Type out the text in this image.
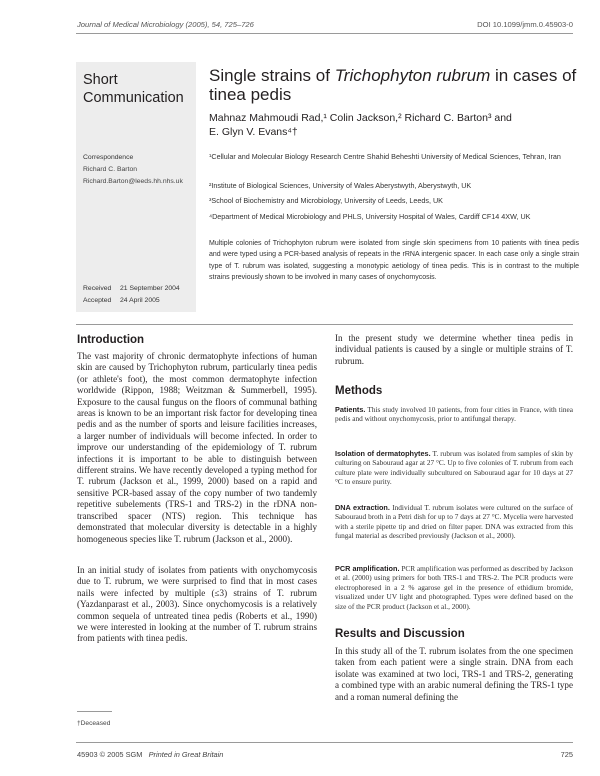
Journal of Medical Microbiology (2005), 54, 725–726	DOI 10.1099/jmm.0.45903-0
Short Communication
Correspondence
Richard C. Barton
Richard.Barton@leeds.hh.nhs.uk
Received 21 September 2004
Accepted 24 April 2005
Single strains of Trichophyton rubrum in cases of tinea pedis
Mahnaz Mahmoudi Rad,¹ Colin Jackson,² Richard C. Barton³ and
E. Glyn V. Evans⁴†
¹Cellular and Molecular Biology Research Centre Shahid Beheshti University of Medical Sciences, Tehran, Iran
²Institute of Biological Sciences, University of Wales Aberystwyth, Aberystwyth, UK
³School of Biochemistry and Microbiology, University of Leeds, Leeds, UK
⁴Department of Medical Microbiology and PHLS, University Hospital of Wales, Cardiff CF14 4XW, UK
Multiple colonies of Trichophyton rubrum were isolated from single skin specimens from 10 patients with tinea pedis and were typed using a PCR-based analysis of repeats in the rRNA intergenic spacer. In each case only a single strain type of T. rubrum was isolated, suggesting a monotypic aetiology of tinea pedis. This is in contrast to the multiple strains previously shown to be involved in many cases of onychomycosis.
Introduction
The vast majority of chronic dermatophyte infections of human skin are caused by Trichophyton rubrum, particularly tinea pedis (or athlete's foot), the most common dermatophyte infection worldwide (Rippon, 1988; Weitzman & Summerbell, 1995). Exposure to the causal fungus on the floors of communal bathing areas is known to be an important risk factor for developing tinea pedis and as the number of sports and leisure facilities increases, a larger number of individuals will become infected. In order to improve our understanding of the epidemiology of T. rubrum infections it is important to be able to distinguish between different strains. We have recently developed a typing method for T. rubrum (Jackson et al., 1999, 2000) based on a rapid and sensitive PCR-based assay of the copy number of two tandemly repetitive subelements (TRS-1 and TRS-2) in the rDNA non-transcribed spacer (NTS) region. This technique has demonstrated that molecular diversity is detectable in a highly homogeneous species like T. rubrum (Jackson et al., 2000).
In an initial study of isolates from patients with onychomycosis due to T. rubrum, we were surprised to find that in most cases nails were infected by multiple (≤3) strains of T. rubrum (Yazdanparast et al., 2003). Since onychomycosis is a relatively common sequela of untreated tinea pedis (Roberts et al., 1990) we were interested in looking at the number of T. rubrum strains from patients with tinea pedis.
†Deceased
In the present study we determine whether tinea pedis in individual patients is caused by a single or multiple strains of T. rubrum.
Methods
Patients. This study involved 10 patients, from four cities in France, with tinea pedis and without onychomycosis, prior to antifungal therapy.
Isolation of dermatophytes. T. rubrum was isolated from samples of skin by culturing on Sabouraud agar at 27 °C. Up to five colonies of T. rubrum from each culture plate were individually subcultured on Sabouraud agar for 10 days at 27 °C to ensure purity.
DNA extraction. Individual T. rubrum isolates were cultured on the surface of Sabouraud broth in a Petri dish for up to 7 days at 27 °C. Mycelia were harvested with a sterile pipette tip and dried on filter paper. DNA was extracted from this fungal material as described previously (Jackson et al., 2000).
PCR amplification. PCR amplification was performed as described by Jackson et al. (2000) using primers for both TRS-1 and TRS-2. The PCR products were electrophoresed in a 2 % agarose gel in the presence of ethidium bromide, visualized under UV light and photographed. Types were defined based on the size of the PCR product (Jackson et al., 2000).
Results and Discussion
In this study all of the T. rubrum isolates from the one specimen taken from each patient were a single strain. DNA from each isolate was examined at two loci, TRS-1 and TRS-2, generating a combined type with an arabic numeral defining the TRS-1 type and a roman numeral defining the
45903 © 2005 SGM Printed in Great Britain	725
